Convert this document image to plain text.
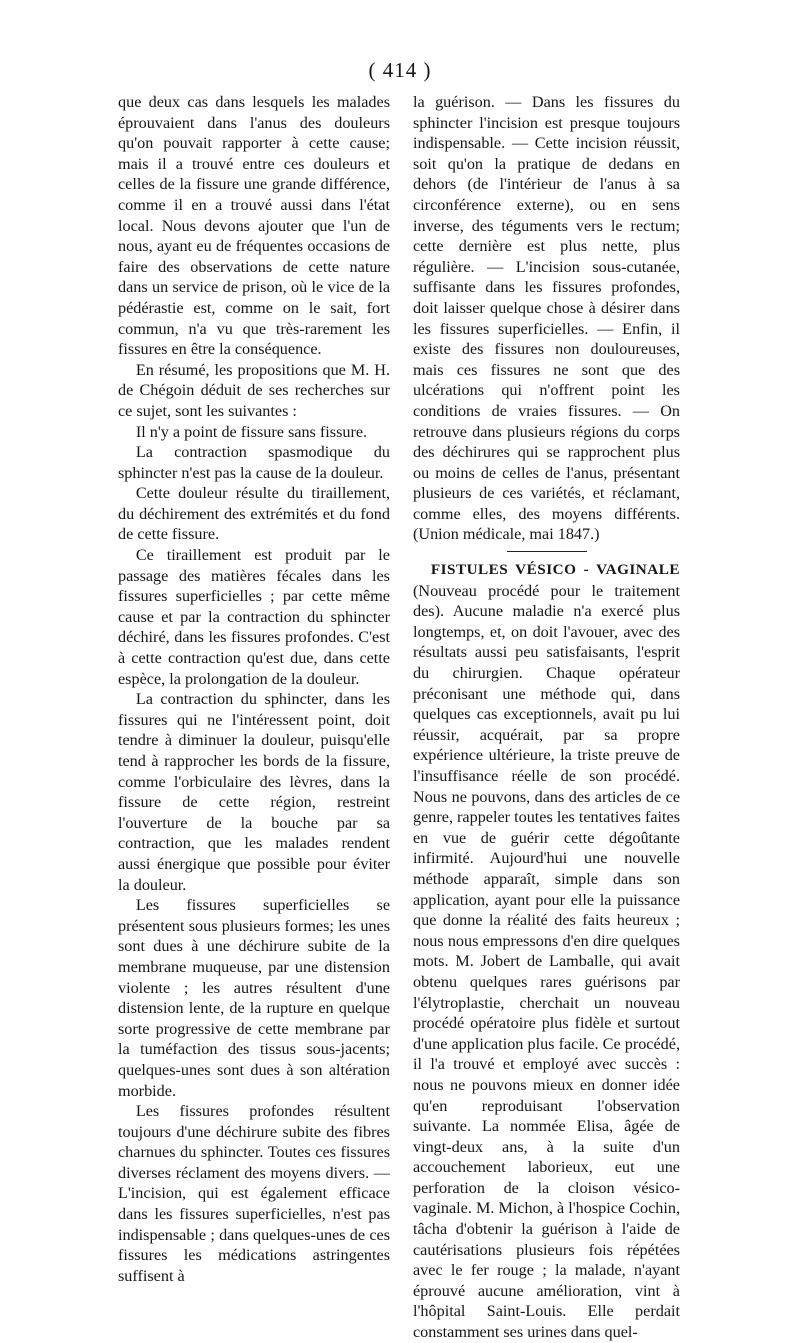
( 414 )

que deux cas dans lesquels les malades éprouvaient dans l'anus des douleurs qu'on pouvait rapporter à cette cause; mais il a trouvé entre ces douleurs et celles de la fissure une grande différence, comme il en a trouvé aussi dans l'état local. Nous devons ajouter que l'un de nous, ayant eu de fréquentes occasions de faire des observations de cette nature dans un service de prison, où le vice de la pédérastie est, comme on le sait, fort commun, n'a vu que très-rarement les fissures en être la conséquence.

En résumé, les propositions que M. H. de Chégoin déduit de ses recherches sur ce sujet, sont les suivantes :

Il n'y a point de fissure sans fissure.

La contraction spasmodique du sphincter n'est pas la cause de la douleur.

Cette douleur résulte du tiraillement, du déchirement des extrémités et du fond de cette fissure.

Ce tiraillement est produit par le passage des matières fécales dans les fissures superficielles ; par cette même cause et par la contraction du sphincter déchiré, dans les fissures profondes. C'est à cette contraction qu'est due, dans cette espèce, la prolongation de la douleur.

La contraction du sphincter, dans les fissures qui ne l'intéressent point, doit tendre à diminuer la douleur, puisqu'elle tend à rapprocher les bords de la fissure, comme l'orbiculaire des lèvres, dans la fissure de cette région, restreint l'ouverture de la bouche par sa contraction, que les malades rendent aussi énergique que possible pour éviter la douleur.

Les fissures superficielles se présentent sous plusieurs formes; les unes sont dues à une déchirure subite de la membrane muqueuse, par une distension violente ; les autres résultent d'une distension lente, de la rupture en quelque sorte progressive de cette membrane par la tuméfaction des tissus sous-jacents; quelques-unes sont dues à son altération morbide.

Les fissures profondes résultent toujours d'une déchirure subite des fibres charnues du sphincter. Toutes ces fissures diverses réclament des moyens divers. — L'incision, qui est également efficace dans les fissures superficielles, n'est pas indispensable ; dans quelques-unes de ces fissures les médications astringentes suffisent à

la guérison. — Dans les fissures du sphincter l'incision est presque toujours indispensable. — Cette incision réussit, soit qu'on la pratique de dedans en dehors (de l'intérieur de l'anus à sa circonférence externe), ou en sens inverse, des téguments vers le rectum; cette dernière est plus nette, plus régulière. — L'incision sous-cutanée, suffisante dans les fissures profondes, doit laisser quelque chose à désirer dans les fissures superficielles. — Enfin, il existe des fissures non douloureuses, mais ces fissures ne sont que des ulcérations qui n'offrent point les conditions de vraies fissures. — On retrouve dans plusieurs régions du corps des déchirures qui se rapprochent plus ou moins de celles de l'anus, présentant plusieurs de ces variétés, et réclamant, comme elles, des moyens différents. (Union médicale, mai 1847.)

FISTULES VÉSICO - VAGINALE (Nouveau procédé pour le traitement des). Aucune maladie n'a exercé plus longtemps, et, on doit l'avouer, avec des résultats aussi peu satisfaisants, l'esprit du chirurgien. Chaque opérateur préconisant une méthode qui, dans quelques cas exceptionnels, avait pu lui réussir, acquérait, par sa propre expérience ultérieure, la triste preuve de l'insuffisance réelle de son procédé. Nous ne pouvons, dans des articles de ce genre, rappeler toutes les tentatives faites en vue de guérir cette dégoûtante infirmité. Aujourd'hui une nouvelle méthode apparaît, simple dans son application, ayant pour elle la puissance que donne la réalité des faits heureux ; nous nous empressons d'en dire quelques mots. M. Jobert de Lamballe, qui avait obtenu quelques rares guérisons par l'élytroplastie, cherchait un nouveau procédé opératoire plus fidèle et surtout d'une application plus facile. Ce procédé, il l'a trouvé et employé avec succès : nous ne pouvons mieux en donner idée qu'en reproduisant l'observation suivante. La nommée Elisa, âgée de vingt-deux ans, à la suite d'un accouchement laborieux, eut une perforation de la cloison vésico-vaginale. M. Michon, à l'hospice Cochin, tâcha d'obtenir la guérison à l'aide de cautérisations plusieurs fois répétées avec le fer rouge ; la malade, n'ayant éprouvé aucune amélioration, vint à l'hôpital Saint-Louis. Elle perdait constamment ses urines dans quel-
